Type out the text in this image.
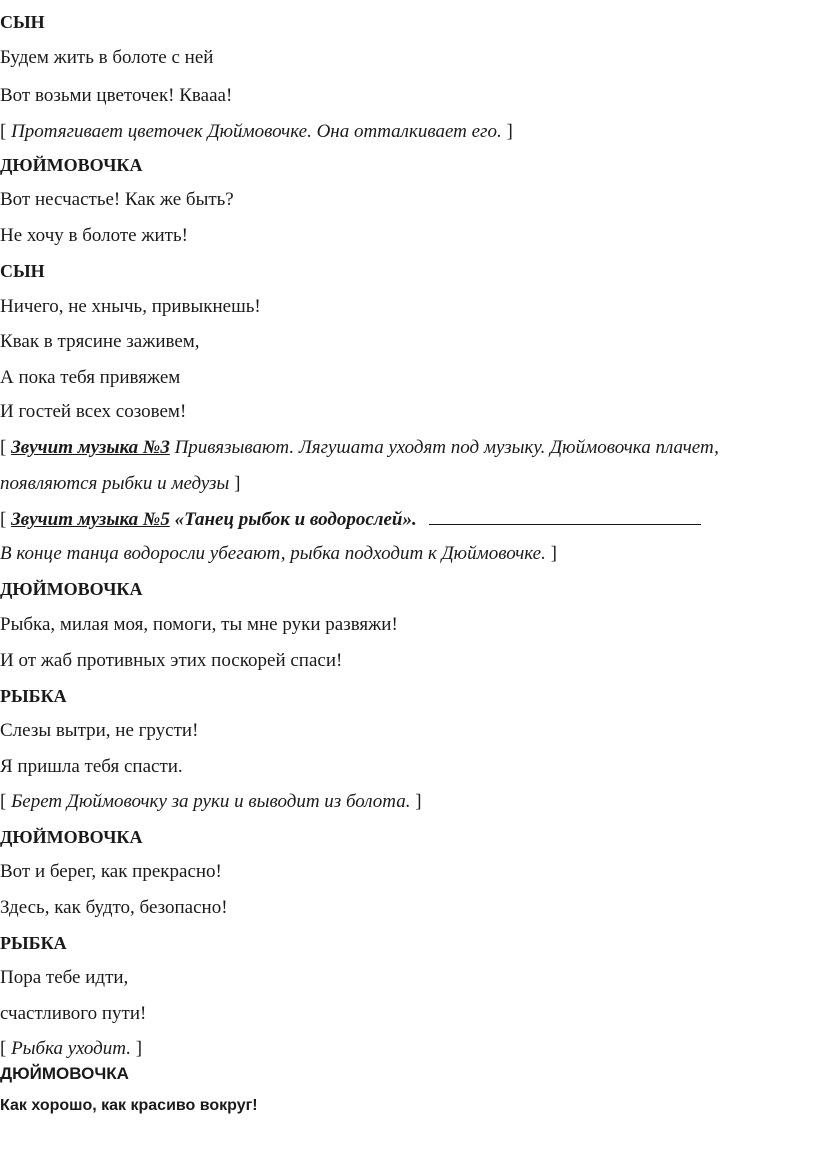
СЫН
Будем жить в болоте с ней
Вот возьми цветочек! Кваaa!
[ Протягивает цветочек Дюймовочке. Она отталкивает его. ]
ДЮЙМОВОЧКА
Вот несчастье! Как же быть?
Не хочу в болоте жить!
СЫН
Ничего, не хнычь, привыкнешь!
Квак в трясине заживем,
А пока тебя привяжем
И гостей всех созовем!
[ Звучит музыка №3 Привязывают. Лягушата уходят под музыку. Дюймовочка плачет,
появляются рыбки и медузы ]
[ Звучит музыка №5 «Танец рыбок и водорослей».
В конце танца водоросли убегают, рыбка подходит к Дюймовочке. ]
ДЮЙМОВОЧКА
Рыбка, милая моя, помоги, ты мне руки развяжи!
И от жаб противных этих поскорей спаси!
РЫБКА
Слезы вытри, не грусти!
Я пришла тебя спасти.
[ Берет Дюймовочку за руки и выводит из болота. ]
ДЮЙМОВОЧКА
Вот и берег, как прекрасно!
Здесь, как будто, безопасно!
РЫБКА
Пора тебе идти,
счастливого пути!
[ Рыбка уходит. ]
ДЮЙМОВОЧКА
Как хорошо, как красиво вокруг!
